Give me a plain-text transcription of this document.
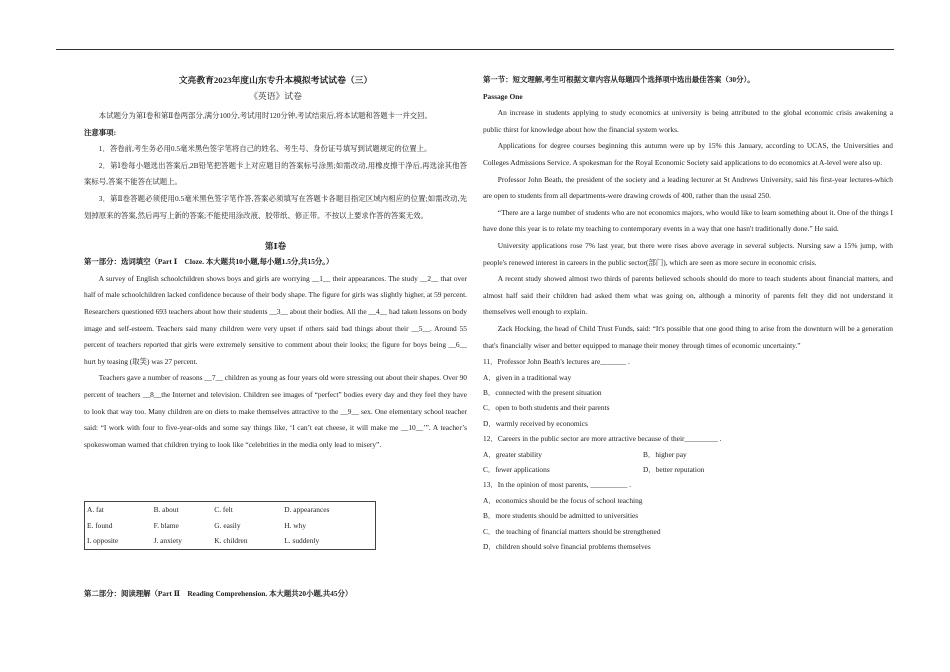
文亮教育2023年度山东专升本模拟考试试卷（三）

《英语》试卷

本试题分为第Ⅰ卷和第Ⅱ卷两部分,满分100分,考试用时120分钟,考试结束后,将本试题和答题卡一并交回。

注意事项:

1．答卷前,考生务必用0.5毫米黑色签字笔将自己的姓名、考生号、身份证号填写到试题规定的位置上。

2．第Ⅰ卷每小题选出答案后,2B铅笔把答题卡上对应题目的答案标号涂黑;如需改动,用橡皮擦干净后,再选涂其他答案标号,答案不能答在试题上。

3．第Ⅱ卷答题必须使用0.5毫米黑色签字笔作答,答案必须填写在答题卡各题目指定区域内相应的位置;如需改动,先划掉原来的答案,然后再写上新的答案;不能使用涂改液、胶带纸、修正带。不按以上要求作答的答案无效。

第Ⅰ卷

第一部分：选词填空（Part Ⅰ　Cloze. 本大题共10小题,每小题1.5分,共15分。）

A survey of English schoolchildren shows boys and girls are worrying __1__ their appearances. The study __2__ that over half of male schoolchildren lacked confidence because of their body shape. The figure for girls was slightly higher, at 59 percent. Researchers questioned 693 teachers about how their students __3__ about their bodies. All the __4__ had taken lessons on body image and self-esteem. Teachers said many children were very upset if others said bad things about their __5__. Around 55 percent of teachers reported that girls were extremely sensitive to comment about their looks; the figure for boys being __6__ hurt by teasing (取笑) was 27 percent.

Teachers gave a number of reasons __7__ children as young as four years old were stressing out about their shapes. Over 90 percent of teachers __8__the Internet and television. Children see images of “perfect” bodies every day and they feel they have to look that way too. Many children are on diets to make themselves attractive to the __9__ sex. One elementary school teacher said: “I work with four to five-year-olds and some say things like, ‘I can’t eat cheese, it will make me __10__’”. A teacher’s spokeswoman warned that children trying to look like “celebrities in the media only lead to misery”.

A. fat	B. about	C. felt	D. appearances
E. found	F. blame	G. easily	H. why
I. opposite	J. anxiety	K. children	L. suddenly

第二部分：阅读理解（Part Ⅱ　Reading Comprehension. 本大题共20小题,共45分）

第一节：短文理解,考生可根据文章内容从每题四个选择项中选出最佳答案（30分）。

Passage One

An increase in students applying to study economics at university is being attributed to the global economic crisis awakening a public thirst for knowledge about how the financial system works.

Applications for degree courses beginning this autumn were up by 15% this January, according to UCAS, the Universities and Colleges Admissions Service. A spokesman for the Royal Economic Society said applications to do economics at A-level were also up.

Professor John Beath, the president of the society and a leading lecturer at St Andrews University, said his first-year lectures-which are open to students from all departments-were drawing crowds of 400, rather than the usual 250.

“There are a large number of students who are not economics majors, who would like to learn something about it. One of the things I have done this year is to relate my teaching to contemporary events in a way that one hasn't traditionally done.” He said.

University applications rose 7% last year, but there were rises above average in several subjects. Nursing saw a 15% jump, with people's renewed interest in careers in the public sector(部门), which are seen as more secure in economic crisis.

A recent study showed almost two thirds of parents believed schools should do more to teach students about financial matters, and almost half said their children had asked them what was going on, although a minority of parents felt they did not understand it themselves well enough to explain.

Zack Hocking, the head of Child Trust Funds, said: “It's possible that one good thing to arise from the downturn will be a generation that's financially wiser and better equipped to manage their money through times of economic uncertainty.”

11．Professor John Beath's lectures are_______ .

A．given in a traditional way

B．connected with the present situation

C．open to both students and their parents

D．warmly received by economics

12．Careers in the public sector are more attractive because of their_________ .

A．greater stability	B．higher pay
C．fewer applications	D．better reputation

13．In the opinion of most parents, __________ .

A．economics should be the focus of school teaching

B．more students should be admitted to universities

C．the teaching of financial matters should be strengthened

D．children should solve financial problems themselves
